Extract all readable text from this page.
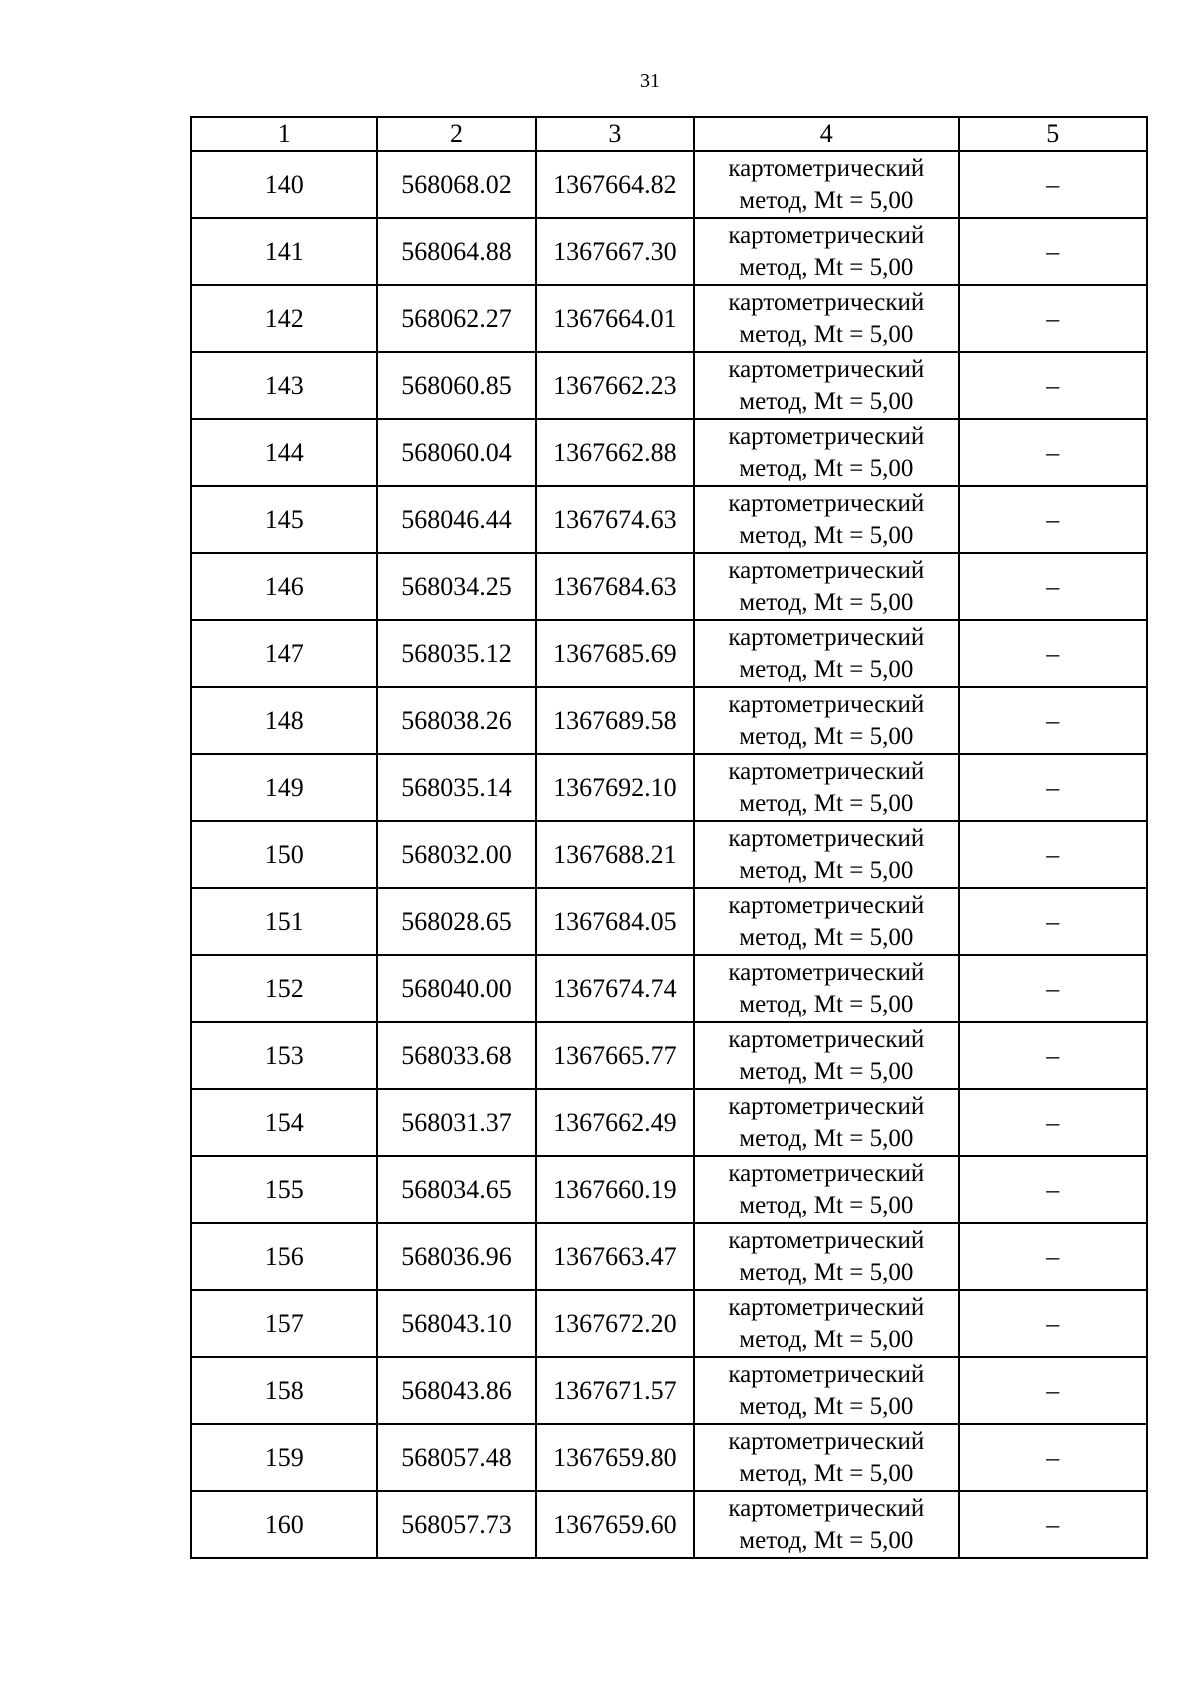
31
1	2	3	4	5
140	568068.02	1367664.82	картометрический
метод, Mt = 5,00	–
141	568064.88	1367667.30	картометрический
метод, Mt = 5,00	–
142	568062.27	1367664.01	картометрический
метод, Mt = 5,00	–
143	568060.85	1367662.23	картометрический
метод, Mt = 5,00	–
144	568060.04	1367662.88	картометрический
метод, Mt = 5,00	–
145	568046.44	1367674.63	картометрический
метод, Mt = 5,00	–
146	568034.25	1367684.63	картометрический
метод, Mt = 5,00	–
147	568035.12	1367685.69	картометрический
метод, Mt = 5,00	–
148	568038.26	1367689.58	картометрический
метод, Mt = 5,00	–
149	568035.14	1367692.10	картометрический
метод, Mt = 5,00	–
150	568032.00	1367688.21	картометрический
метод, Mt = 5,00	–
151	568028.65	1367684.05	картометрический
метод, Mt = 5,00	–
152	568040.00	1367674.74	картометрический
метод, Mt = 5,00	–
153	568033.68	1367665.77	картометрический
метод, Mt = 5,00	–
154	568031.37	1367662.49	картометрический
метод, Mt = 5,00	–
155	568034.65	1367660.19	картометрический
метод, Mt = 5,00	–
156	568036.96	1367663.47	картометрический
метод, Mt = 5,00	–
157	568043.10	1367672.20	картометрический
метод, Mt = 5,00	–
158	568043.86	1367671.57	картометрический
метод, Mt = 5,00	–
159	568057.48	1367659.80	картометрический
метод, Mt = 5,00	–
160	568057.73	1367659.60	картометрический
метод, Mt = 5,00	–
